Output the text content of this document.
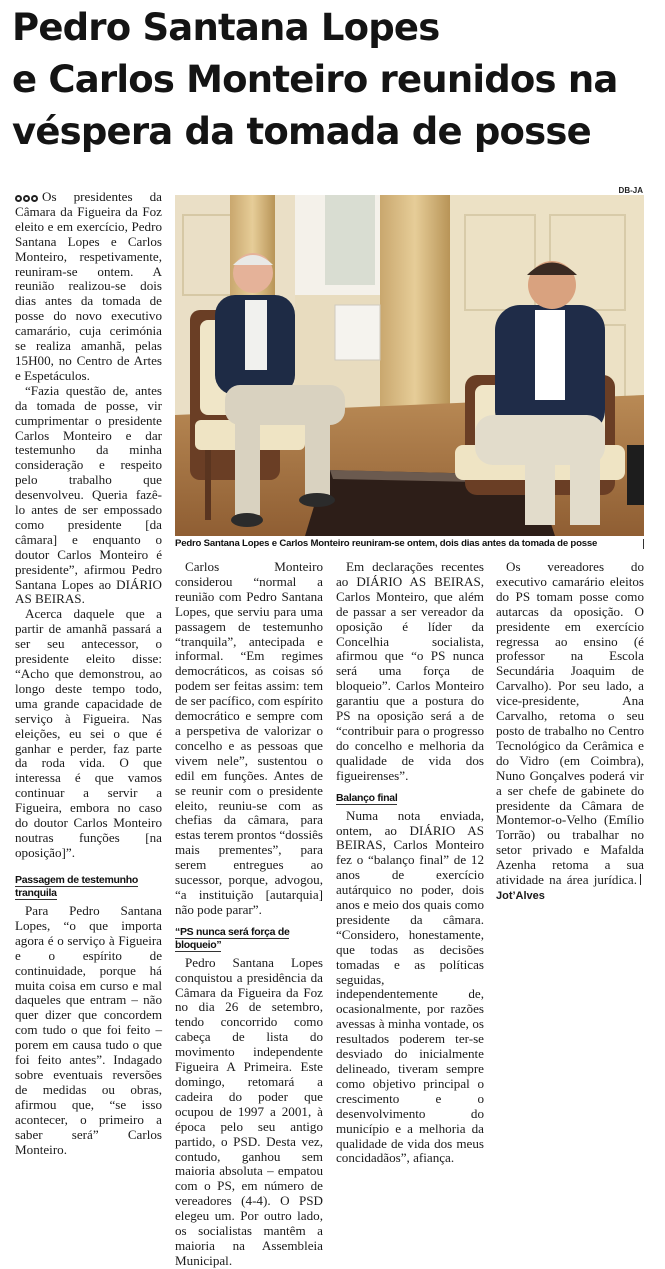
Pedro Santana Lopes
e Carlos Monteiro reunidos na
véspera da tomada de posse
DB-JA
Pedro Santana Lopes e Carlos Monteiro reuniram-se ontem, dois dias antes da tomada de posse

Os presidentes da Câmara da Figueira da Foz eleito e em exercício, Pedro Santana Lopes e Carlos Monteiro, respetivamente, reuniram-se ontem. A reunião realizou-se dois dias antes da tomada de posse do novo executivo camarário, cuja cerimónia se realiza amanhã, pelas 15H00, no Centro de Artes e Espetáculos.

“Fazia questão de, antes da tomada de posse, vir cumprimentar o presidente Carlos Monteiro e dar testemunho da minha consideração e respeito pelo trabalho que desenvolveu. Queria fazê-lo antes de ser empossado como presidente [da câmara] e enquanto o doutor Carlos Monteiro é presidente”, afirmou Pedro Santana Lopes ao DIÁRIO AS BEIRAS.

Acerca daquele que a partir de amanhã passará a ser seu antecessor, o presidente eleito disse: “Acho que demonstrou, ao longo deste tempo todo, uma grande capacidade de serviço à Figueira. Nas eleições, eu sei o que é ganhar e perder, faz parte da roda vida. O que interessa é que vamos continuar a servir a Figueira, embora no caso do doutor Carlos Monteiro noutras funções [na oposição]”.

Passagem de testemunho tranquila

Para Pedro Santana Lopes, “o que importa agora é o serviço à Figueira e o espírito de continuidade, porque há muita coisa em curso e mal daqueles que entram – não quer dizer que concordem com tudo o que foi feito – porem em causa tudo o que foi feito antes”. Indagado sobre eventuais reversões de medidas ou obras, afirmou que, “se isso acontecer, o primeiro a saber será” Carlos Monteiro.

Carlos Monteiro considerou “normal a reunião com Pedro Santana Lopes, que serviu para uma passagem de testemunho “tranquila”, antecipada e informal. “Em regimes democráticos, as coisas só podem ser feitas assim: tem de ser pacífico, com espírito democrático e sempre com a perspetiva de valorizar o concelho e as pessoas que vivem nele”, sustentou o edil em funções. Antes de se reunir com o presidente eleito, reuniu-se com as chefias da câmara, para estas terem prontos “dossiês mais prementes”, para serem entregues ao sucessor, porque, advogou, “a instituição [autarquia] não pode parar”.

“PS nunca será força de bloqueio”

Pedro Santana Lopes conquistou a presidência da Câmara da Figueira da Foz no dia 26 de setembro, tendo concorrido como cabeça de lista do movimento independente Figueira A Primeira. Este domingo, retomará a cadeira do poder que ocupou de 1997 a 2001, à época pelo seu antigo partido, o PSD. Desta vez, contudo, ganhou sem maioria absoluta – empatou com o PS, em número de vereadores (4-4). O PSD elegeu um. Por outro lado, os socialistas mantêm a maioria na Assembleia Municipal.

Em declarações recentes ao DIÁRIO AS BEIRAS, Carlos Monteiro, que além de passar a ser vereador da oposição é líder da Concelhia socialista, afirmou que “o PS nunca será uma força de bloqueio”. Carlos Monteiro garantiu que a postura do PS na oposição será a de “contribuir para o progresso do concelho e melhoria da qualidade de vida dos figueirenses”.

Balanço final

Numa nota enviada, ontem, ao DIÁRIO AS BEIRAS, Carlos Monteiro fez o “balanço final” de 12 anos de exercício autárquico no poder, dois anos e meio dos quais como presidente da câmara. “Considero, honestamente, que todas as decisões tomadas e as políticas seguidas, independentemente de, ocasionalmente, por razões avessas à minha vontade, os resultados poderem ter-se desviado do inicialmente delineado, tiveram sempre como objetivo principal o crescimento e o desenvolvimento do município e a melhoria da qualidade de vida dos meus concidadãos”, afiança.

Os vereadores do executivo camarário eleitos do PS tomam posse como autarcas da oposição. O presidente em exercício regressa ao ensino (é professor na Escola Secundária Joaquim de Carvalho). Por seu lado, a vice-presidente, Ana Carvalho, retoma o seu posto de trabalho no Centro Tecnológico da Cerâmica e do Vidro (em Coimbra), Nuno Gonçalves poderá vir a ser chefe de gabinete do presidente da Câmara de Montemor-o-Velho (Emílio Torrão) ou trabalhar no setor privado e Mafalda Azenha retoma a sua atividade na área jurídica.Jot’Alves
